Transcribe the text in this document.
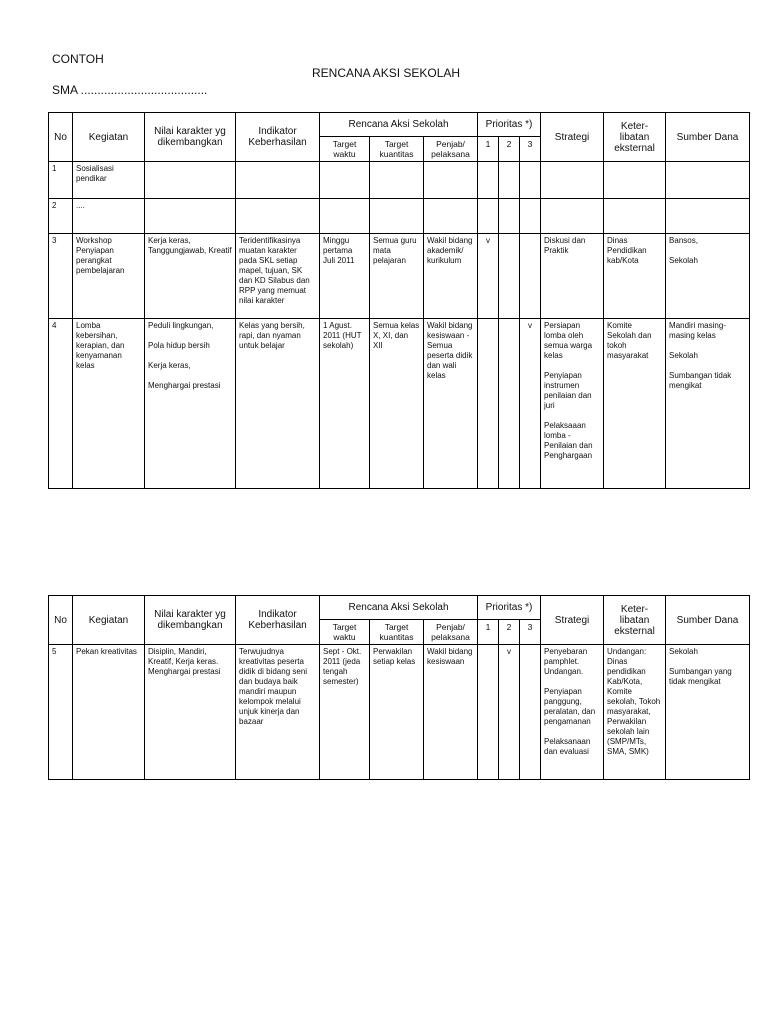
CONTOH
RENCANA AKSI SEKOLAH
SMA ......................................
No	Kegiatan	Nilai karakter yg dikembangkan	Indikator Keberhasilan	Rencana Aksi Sekolah			Prioritas *)			Strategi	Keter-libatan eksternal	Sumber Dana
				Target waktu	Target kuantitas	Penjab/ pelaksana	1	2	3			
1	Sosialisasi pendikar											
2	....											
3	Workshop Penyiapan perangkat pembelajaran	Kerja keras, Tanggungjawab, Kreatif	Teridentifikasinya muatan karakter pada SKL setiap mapel, tujuan, SK dan KD Silabus dan RPP yang memuat nilai karakter	Minggu pertama Juli 2011	Semua guru mata pelajaran	Wakil bidang akademik/ kurikulum	v			Diskusi dan Praktik	Dinas Pendidikan kab/Kota	Bansos,
Sekolah

4	Lomba kebersihan, kerapian, dan kenyamanan kelas	Peduli lingkungan,
Pola hidup bersih
Kerja keras,
Menghargai prestasi	Kelas yang bersih, rapi, dan nyaman untuk belajar	1 Agust. 2011 (HUT sekolah)	Semua kelas X, XI, dan XII	Wakil bidang kesiswaan -
Semua peserta didik dan wali kelas			v	Persiapan lomba oleh semua warga kelas
Penyiapan instrumen penilaian dan juri
Pelaksaaan lomba - Penilaian dan Penghargaan	Komite Sekolah dan tokoh masyarakat	Mandiri masing-masing kelas
Sekolah
Sumbangan tidak mengikat
No	Kegiatan	Nilai karakter yg dikembangkan	Indikator Keberhasilan	Rencana Aksi Sekolah			Prioritas *)			Strategi	Keter-libatan eksternal	Sumber Dana
				Target waktu	Target kuantitas	Penjab/ pelaksana	1	2	3			
5	Pekan kreativitas	Disiplin, Mandiri, Kreatif, Kerja keras. Menghargai prestasi	Terwujudnya kreativitas peserta didik di bidang seni dan budaya baik mandiri maupun kelompok melalui unjuk kinerja dan bazaar	Sept - Okt. 2011 (jeda tengah semester)	Perwakilan setiap kelas	Wakil bidang kesiswaan		v		Penyebaran pamphlet. Undangan.
Penyiapan panggung, peralatan, dan pengamanan
Pelaksanaan dan evaluasi	Undangan: Dinas pendidikan Kab/Kota, Komite sekolah, Tokoh masyarakat, Perwakilan sekolah lain (SMP/MTs, SMA, SMK)	Sekolah
Sumbangan yang tidak mengikat
